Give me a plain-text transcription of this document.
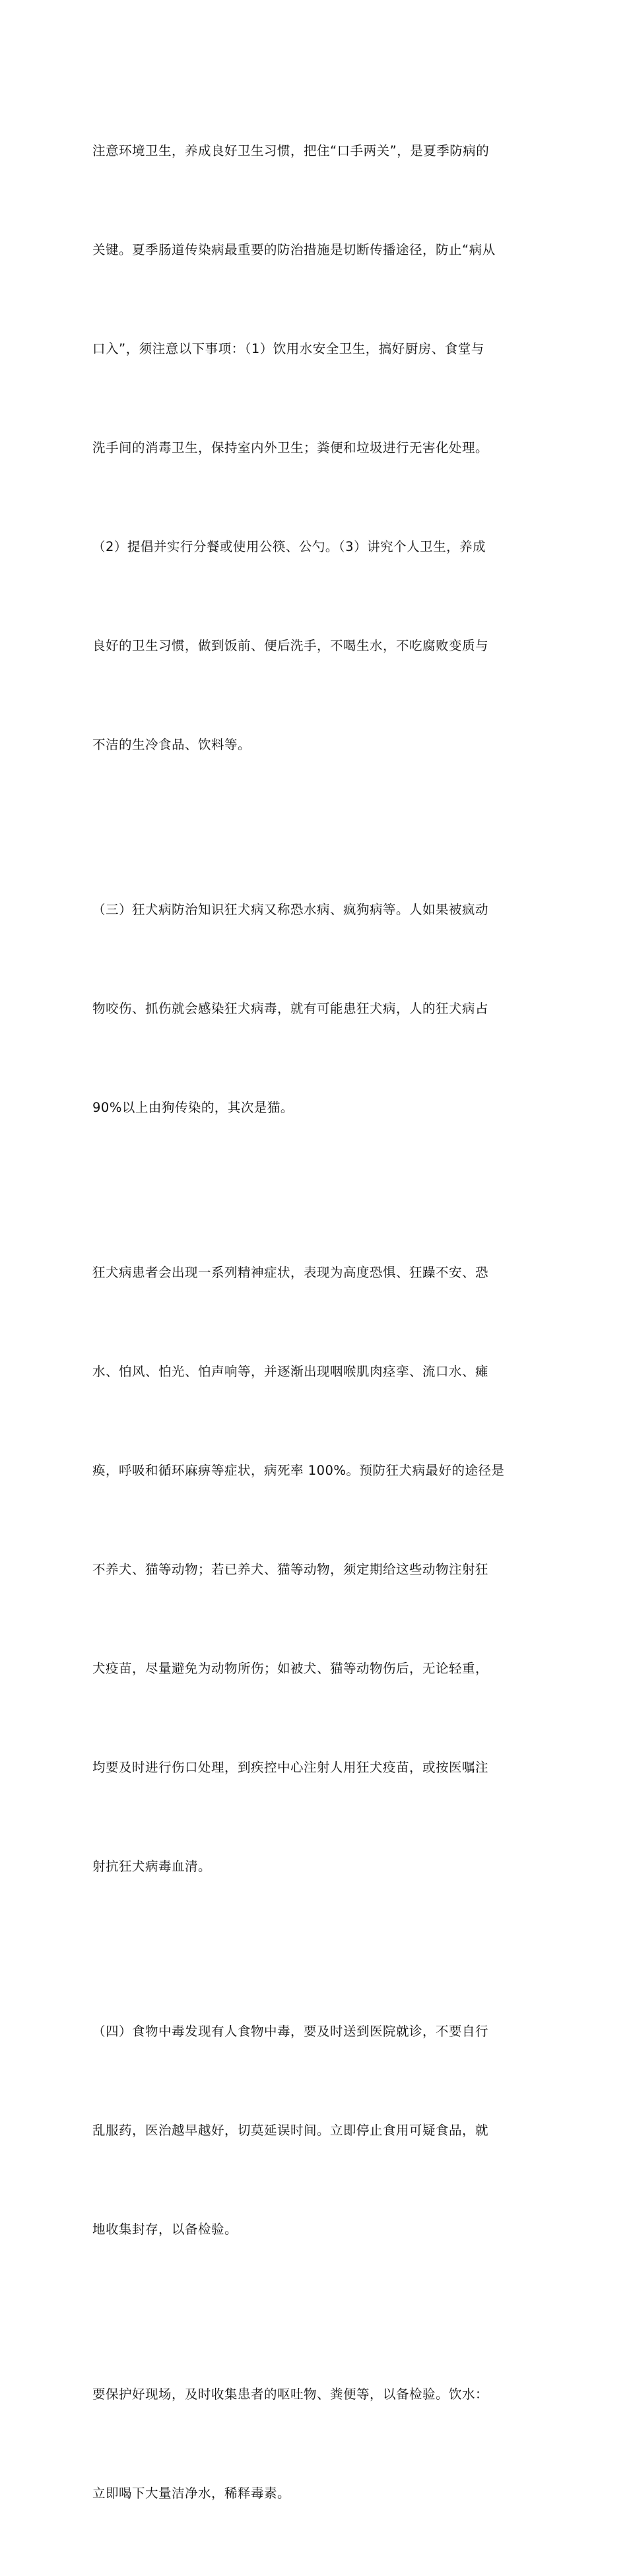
注意环境卫生，养成良好卫生习惯，把住“口手两关”，是夏季防病的

关键。夏季肠道传染病最重要的防治措施是切断传播途径，防止“病从

口入”，须注意以下事项：（1）饮用水安全卫生，搞好厨房、食堂与

洗手间的消毒卫生，保持室内外卫生；粪便和垃圾进行无害化处理。

（2）提倡并实行分餐或使用公筷、公勺。（3）讲究个人卫生，养成

良好的卫生习惯，做到饭前、便后洗手，不喝生水，不吃腐败变质与

不洁的生冷食品、饮料等。

（三）狂犬病防治知识狂犬病又称恐水病、疯狗病等。人如果被疯动

物咬伤、抓伤就会感染狂犬病毒，就有可能患狂犬病，人的狂犬病占

90%以上由狗传染的，其次是猫。

狂犬病患者会出现一系列精神症状，表现为高度恐惧、狂躁不安、恐

水、怕风、怕光、怕声响等，并逐渐出现咽喉肌肉痉挛、流口水、瘫

痪，呼吸和循环麻痹等症状，病死率 100%。预防狂犬病最好的途径是

不养犬、猫等动物；若已养犬、猫等动物，须定期给这些动物注射狂

犬疫苗，尽量避免为动物所伤；如被犬、猫等动物伤后，无论轻重，

均要及时进行伤口处理，到疾控中心注射人用狂犬疫苗，或按医嘱注

射抗狂犬病毒血清。

（四）食物中毒发现有人食物中毒，要及时送到医院就诊，不要自行

乱服药，医治越早越好，切莫延误时间。立即停止食用可疑食品，就

地收集封存，以备检验。

要保护好现场，及时收集患者的呕吐物、粪便等，以备检验。饮水：

立即喝下大量洁净水，稀释毒素。
